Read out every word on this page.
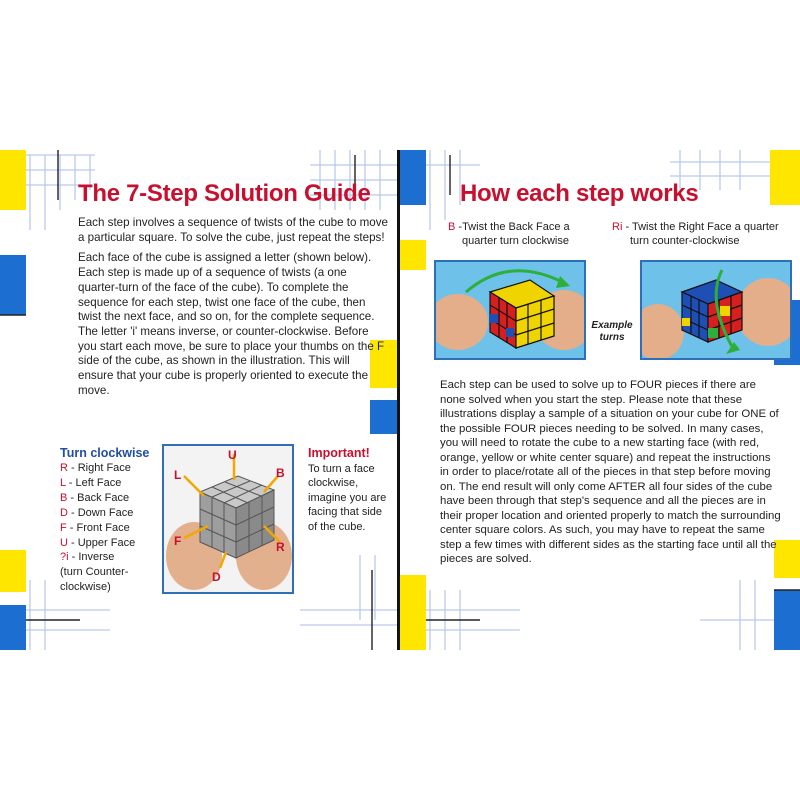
The 7-Step Solution Guide

Each step involves a sequence of twists of the cube to move a particular square. To solve the cube, just repeat the steps!

Each face of the cube is assigned a letter (shown below). Each step is made up of a sequence of twists (a one quarter-turn of the face of the cube). To complete the sequence for each step, twist one face of the cube, then twist the next face, and so on, for the complete sequence. The letter 'i' means inverse, or counter-clockwise. Before you start each move, be sure to place your thumbs on the F side of the cube, as shown in the illustration. This will ensure that your cube is properly oriented to execute the move.

Turn clockwise
R - Right Face
L - Left Face
B - Back Face
D - Down Face
F - Front Face
U - Upper Face
?i - Inverse
(turn Counter-
clockwise)
U
L	B
F	R
D
Important!
To turn a face clockwise, imagine you are facing that side of the cube.
How each step works
B -Twist the Back Face a
quarter turn clockwise
Ri - Twist the Right Face a quarter
turn counter-clockwise
Example
turns
Each step can be used to solve up to FOUR pieces if there are none solved when you start the step. Please note that these illustrations display a sample of a situation on your cube for ONE of the possible FOUR pieces needing to be solved. In many cases, you will need to rotate the cube to a new starting face (with red, orange, yellow or white center square) and repeat the instructions in order to place/rotate all of the pieces in that step before moving on. The end result will only come AFTER all four sides of the cube have been through that step's sequence and all the pieces are in their proper location and oriented properly to match the surrounding center square colors. As such, you may have to repeat the same step a few times with different sides as the starting face until all the pieces are solved.
